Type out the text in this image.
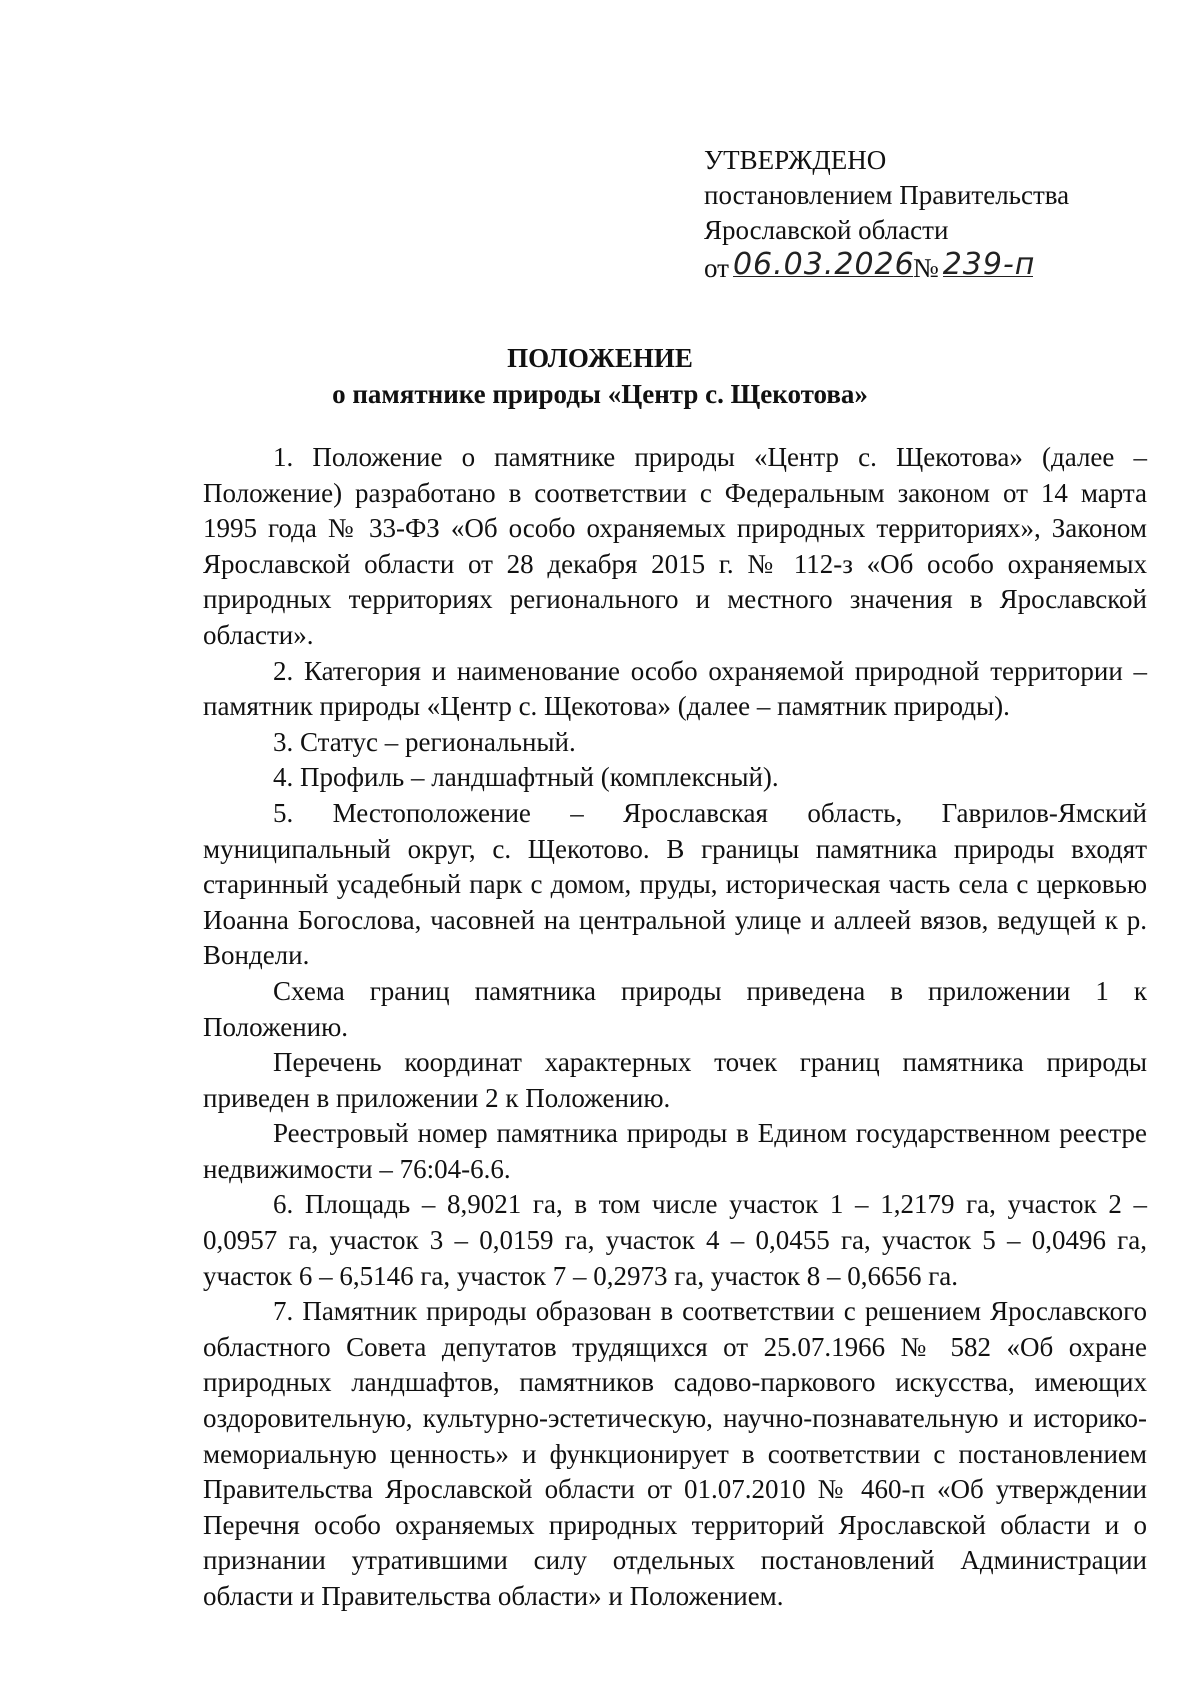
УТВЕРЖДЕНО
постановлением Правительства
Ярославской области
от 06.03.2026
№ 239-п
ПОЛОЖЕНИЕ
о памятнике природы «Центр с. Щекотова»

1. Положение о памятнике природы «Центр с. Щекотова» (далее – Положение) разработано в соответствии с Федеральным законом от 14 марта 1995 года № 33-ФЗ «Об особо охраняемых природных территориях», Законом Ярославской области от 28 декабря 2015 г. № 112-з «Об особо охраняемых природных территориях регионального и местного значения в Ярославской области».

2. Категория и наименование особо охраняемой природной территории – памятник природы «Центр с. Щекотова» (далее – памятник природы).

3. Статус – региональный.

4. Профиль – ландшафтный (комплексный).

5. Местоположение – Ярославская область, Гаврилов-Ямский муниципальный округ, с. Щекотово. В границы памятника природы входят старинный усадебный парк с домом, пруды, историческая часть села с церковью Иоанна Богослова, часовней на центральной улице и аллеей вязов, ведущей к р. Вондели.

Схема границ памятника природы приведена в приложении 1 к Положению.

Перечень координат характерных точек границ памятника природы приведен в приложении 2 к Положению.

Реестровый номер памятника природы в Едином государственном реестре недвижимости – 76:04-6.6.

6. Площадь – 8,9021 га, в том числе участок 1 – 1,2179 га, участок 2 – 0,0957 га, участок 3 – 0,0159 га, участок 4 – 0,0455 га, участок 5 – 0,0496 га, участок 6 – 6,5146 га, участок 7 – 0,2973 га, участок 8 – 0,6656 га.

7. Памятник природы образован в соответствии с решением Ярославского областного Совета депутатов трудящихся от 25.07.1966 № 582 «Об охране природных ландшафтов, памятников садово-паркового искусства, имеющих оздоровительную, культурно-эстетическую, научно-познавательную и историко-мемориальную ценность» и функционирует в соответствии с постановлением Правительства Ярославской области от 01.07.2010 № 460-п «Об утверждении Перечня особо охраняемых природных территорий Ярославской области и о признании утратившими силу отдельных постановлений Администрации области и Правительства области» и Положением.
